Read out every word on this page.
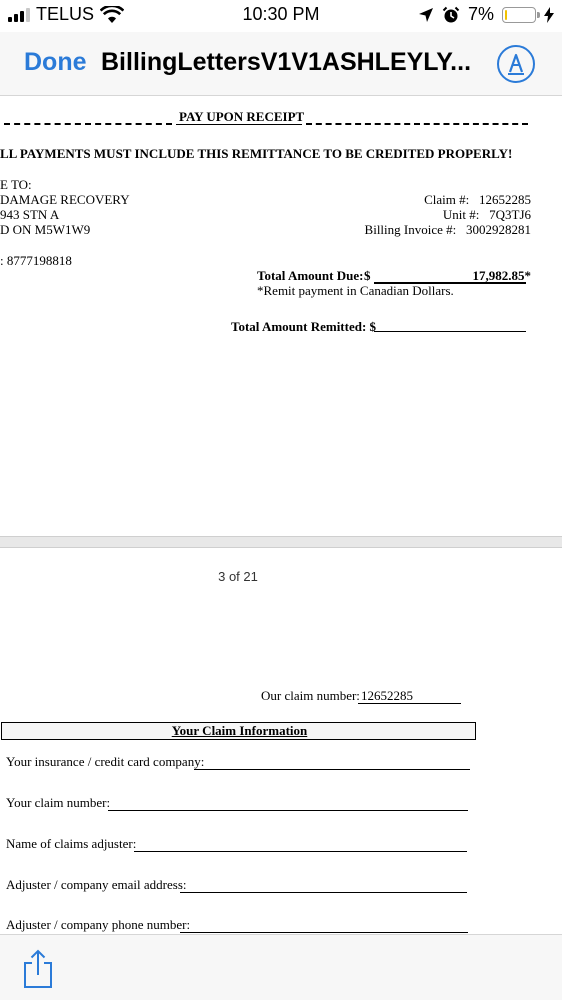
TELUS	10:30 PM	7%
Done BillingLettersV1V1ASHLEYLY...
PAY UPON RECEIPT
LL PAYMENTS MUST INCLUDE THIS REMITTANCE TO BE CREDITED PROPERLY!
E TO:
DAMAGE RECOVERY
943 STN A
D ON M5W1W9
Claim #: 12652285
Unit #: 7Q3TJ6
Billing Invoice #: 3002928281
: 8777198818
Total Amount Due: $	17,982.85*
*Remit payment in Canadian Dollars.
Total Amount Remitted: $
3 of 21
Our claim number: 12652285
Your Claim Information
Your insurance / credit card company:
Your claim number:
Name of claims adjuster:
Adjuster / company email address:
Adjuster / company phone number:
